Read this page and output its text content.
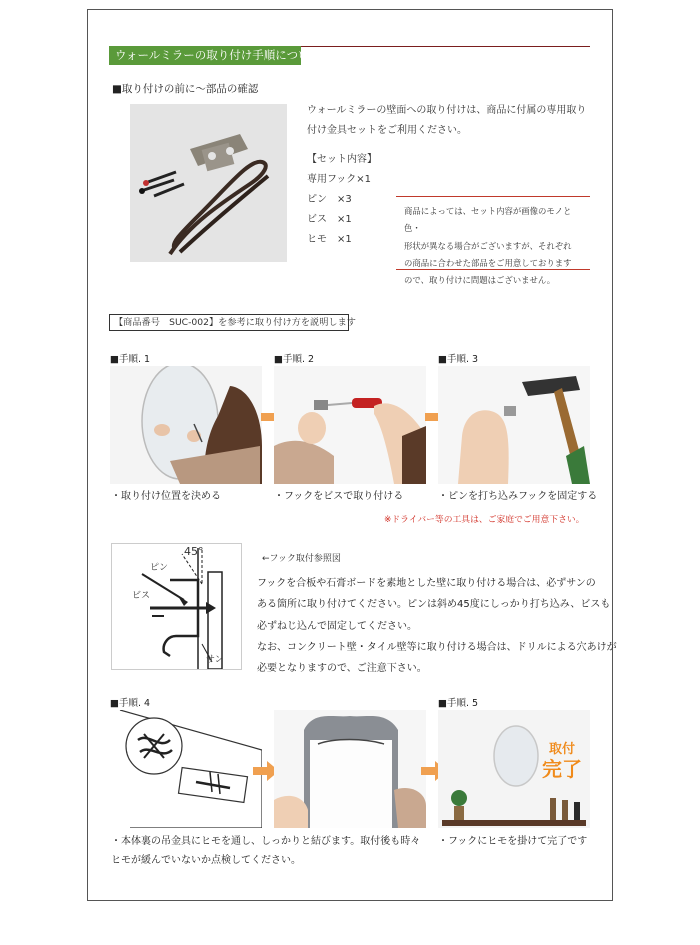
ウォールミラーの取り付け手順について
■取り付けの前に～部品の確認
ウォールミラーの壁面への取り付けは、商品に付属の専用取り
付け金具セットをご利用ください。
【セット内容】
専用フック×1
ピン　×3
ビス　×1
ヒモ　×1
商品によっては、セット内容が画像のモノと色・
形状が異なる場合がございますが、それぞれ
の商品に合わせた部品をご用意しております
ので、取り付けに問題はございません。
【商品番号　SUC-002】を参考に取り付け方を説明します
■手順. 1	■手順. 2	■手順. 3
・取り付け位置を決める	・フックをビスで取り付ける	・ピンを打ち込みフックを固定する
※ドライバー等の工具は、ご家庭でご用意下さい。
ピン
ビス
45°
サン
←フック取付参照図
フックを合板や石膏ボードを素地とした壁に取り付ける場合は、必ずサンの
ある箇所に取り付けてください。ピンは斜め45度にしっかり打ち込み、ビスも
必ずねじ込んで固定してください。
なお、コンクリート壁・タイル壁等に取り付ける場合は、ドリルによる穴あけが
必要となりますので、ご注意下さい。
■手順. 4	■手順. 5
取付
完了
・本体裏の吊金具にヒモを通し、しっかりと結びます。取付後も時々
ヒモが緩んでいないか点検してください。
・フックにヒモを掛けて完了です
